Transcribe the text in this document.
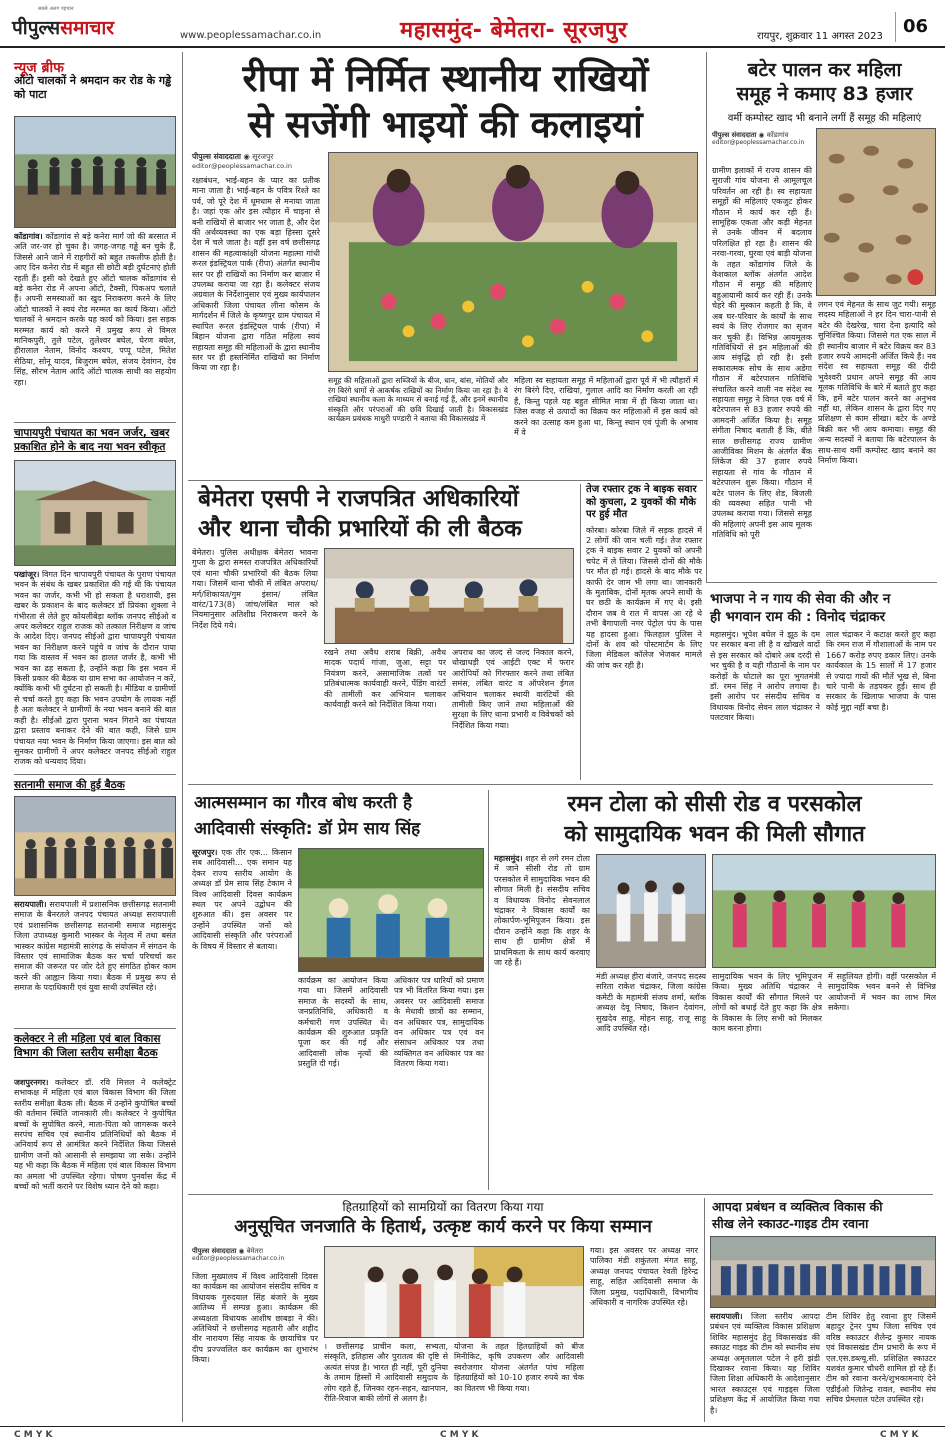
सबसे अलग पहचान
पीपुल्ससमाचार	www.peoplessamachar.co.in	महासमुंद- बेमेतरा- सूरजपुर	रायपुर, शुक्रवार 11 अगस्त 2023	06
न्यूज ब्रीफ
ऑटो चालकों ने श्रमदान कर रोड के गड्ढे को पाटा
कोंडागांव। कोंडागांव से बड़े कनेरा मार्ग जो की बरसात में अति जर-जर हो चुका है। जगह-जगह गड्ढे बन चुके हैं, जिससे आने जाने में राहगीरों को बहुत तकलीफ होती है। आए दिन कनेरा रोड में बहुत सी छोटी बड़ी दुर्घटनाएं होती रहती हैं। इसी को देखते हुए ऑटो चालक कोंडागांव से बड़े कनेरा रोड में अपना ऑटो, टैक्सी, पिकअप चलाते हैं। अपनी समस्याओं का खुद निराकरण करने के लिए ऑटो चालकों ने स्वयं रोड मरम्मत का कार्य किया। ऑटो चालकों ने श्रमदान करके यह कार्य को किया। इस सड़क मरम्मत कार्य को करने में प्रमुख रूप से विमल मानिकपुरी, तुले पटेल, तुलेश्वर बघेल, घेरण बघेल, हीरालाल नेताम, विनोद कश्यप, पप्पू पटेल, मितेश सेठिया, सोनू यादव, बिजुराम बघेल, संजय देवांगन, देव सिंह, सौरभ नेताम आदि ऑटो चालक साथी का सहयोग रहा।
चापायपुरी पंचायत का भवन जर्जर, खबर प्रकाशित होने के बाद नया भवन स्वीकृत
पखांजूर। विगत दिन चापायपुरी पंचायत के पुराण पंचायत भवन के संबंध के खबर प्रकाशित की गई थी कि पंचायत भवन का जर्जर, कभी भी हो सकता है धराशायी, इस खबर के प्रकाशन के बाद कलेक्टर डॉ प्रियंका शुक्ला ने गंभीरता से लेते हुए कोयलीबेड़ा ब्लॉक जनपद सीईओ व अपर कलेक्टर राहुल राजक को तत्काल निरीक्षण व जांच के आदेश दिए। जनपद सीईओ द्वारा चापायपुरी पंचायत भवन का निरीक्षण करने पहुंचे व जांच के दौरान पाया गया कि वास्तव में भवन का हालत जर्जर है, कभी भी भवन का ढह सकता है, उन्होंने कहा कि इस भवन में किसी प्रकार की बैठक या ग्राम सभा का आयोजन न करें, क्योंकि कभी भी दुर्घटना हो सकती है। मीडिया व ग्रामीणों से चर्चा करते हुए कहा कि भवन उपयोग के लायक नहीं है अतः कलेक्टर ने ग्रामीणों के नया भवन बनाने की बात कही है। सीईओ द्वारा पुराना भवन गिराने का पंचायत द्वारा प्रस्ताव बनाकर देने की बात कही, जिसे ग्राम पंचायत नया भवन के निर्माण किया जाएगा। इस बात को सुनकर ग्रामीणों ने अपर कलेक्टर जनपद सीईओ राहुल राजक को धन्यवाद दिया।
सतनामी समाज की हुई बैठक
सरायपाली। सरायपाली में प्रशासनिक छत्तीसगढ़ सतनामी समाज के बैनरतले जनपद पंचायत अध्यक्ष सरायपाली एवं प्रशासनिक छत्तीसगढ़ सतनामी समाज महासमुंद जिला उपाध्यक्ष कुमारी भास्कर के नेतृत्व में तथा बसंत भास्कर कांग्रेस महामंत्री सारंगढ़ के संयोजन में संगठन के विस्तार एवं सामाजिक बैठक कर चर्चा परिचर्चा कर समाज की जरूरत पर जोर देते हुए संगठित होकर काम करने की आह्वान किया गया। बैठक में प्रमुख रूप से समाज के पदाधिकारी एवं युवा साथी उपस्थित रहे।
कलेक्टर ने ली महिला एवं बाल विकास विभाग की जिला स्तरीय समीक्षा बैठक
जशपुरनगर। कलेक्टर डॉ. रवि मित्तल ने कलेक्ट्रेट सभाकक्ष में महिला एवं बाल विकास विभाग की जिला स्तरीय समीक्षा बैठक ली। बैठक में उन्होंने कुपोषित बच्चों की वर्तमान स्थिति जानकारी ली। कलेक्टर ने कुपोषित बच्चों के सुपोषित करने, माता-पिता को जागरूक करने सरपंच सचिव एवं स्थानीय प्रतिनिधियों को बैठक में अनिवार्य रूप से आमंत्रित करने निर्देशित किया जिससे ग्रामीण जनों को आसानी से समझाया जा सके। उन्होंने यह भी कहा कि बैठक में महिला एवं बाल विकास विभाग का अमला भी उपस्थित रहेगा। पोषण पुनर्वास केंद्र में बच्चों को भर्ती कराने पर विशेष ध्यान देने को कहा।
रीपा में निर्मित स्थानीय राखियों
से सजेंगी भाइयों की कलाइयां
पीपुल्स संवाददाता ◉ सूरजपुर
editor@peoplessamachar.co.in
रक्षाबंधन, भाई-बहन के प्यार का प्रतीक माना जाता है। भाई-बहन के पवित्र रिश्ते का पर्व, जो पूरे देश में धूमधाम से मनाया जाता है। जहां एक ओर इस त्यौहार में चाइना से बनी राखियों से बाजार भर जाता है, और देश की अर्थव्यवस्था का एक बड़ा हिस्सा दूसरे देश में चले जाता है। वहीं इस वर्ष छत्तीसगढ़ शासन की महत्वाकांक्षी योजना महात्मा गांधी रूरल इंडस्ट्रियल पार्क (रीपा) अंतर्गत स्थानीय स्तर पर ही राखियों का निर्माण कर बाजार में उपलब्ध कराया जा रहा है। कलेक्टर संजय अग्रवाल के निर्देशानुसार एवं मुख्य कार्यपालन अधिकारी जिला पंचायत लीना कोसम के मार्गदर्शन में जिले के कृष्णपुर ग्राम पंचायत में स्थापित रूरल इंडस्ट्रियल पार्क (रीपा) में बिहान योजना द्वारा गठित महिला स्वयं सहायता समूह की महिलाओं के द्वारा स्थानीय स्तर पर ही हस्तनिर्मित राखियों का निर्माण किया जा रहा है।
समूह की महिलाओं द्वारा सब्जियों के बीज, धान, बांस, मोतियों और रंग बिरंगे धागों से आकर्षक राखियों का निर्माण किया जा रहा है। ये राखियां स्थानीय कला के माध्यम से बनाई गई हैं, और इनमें स्थानीय संस्कृति और परंपराओं की छवि दिखाई जाती है। विकासखंड कार्यक्रम प्रबंधक माधुरी पण्डारी ने बताया की विकासखंड में
महिला स्व सहायता समूह में महिलाओं द्वारा पूर्व में भी त्यौहारों में रंग बिरंगे दिए, राखियां, गुलाल आदि का निर्माण करती आ रही हैं, किन्तु पहले यह बहुत सीमित मात्रा में ही किया जाता था। जिस वजह से उत्पादों का विक्रय कर महिलाओं में इस कार्य को करने का उत्साह कम हुआ था, किन्तु स्थान एवं पूंजी के अभाव में वे
बेमेतरा एसपी ने राजपत्रित अधिकारियों
और थाना चौकी प्रभारियों की ली बैठक
बेमेतरा। पुलिस अधीक्षक बेमेतरा भावना गुप्ता के द्वारा समस्त राजपत्रित अधिकारियों एवं थाना चौकी प्रभारियों की बैठक लिया गया। जिसमें थाना चौकी में लंबित अपराध/मर्ग/शिकायत/गुम इंसान/ लंबित वारंट/173(8) जांच/लंबित माल को नियमानुसार अतिशीघ्र निराकरण करने के निर्देश दिये गये।
रखने तथा अवैध शराब बिक्री, अवैध मादक पदार्थ गांजा, जुआ, सट्टा पर नियंत्रण करने, असामाजिक तत्वों पर प्रतिबंधात्मक कार्यवाही करने, पेंडिंग वारंटों की तामीली कर अभियान चलाकर कार्यवाही करने को निर्देशित किया गया।
अपराध का जल्द से जल्द निकाल करने, धोखाधड़ी एवं आईटी एक्ट में फरार आरोपियों को गिरफ्तार करने तथा लंबित समंस, लंबित वारंट व ऑपरेशन ईगल अभियान चलाकर स्थायी वारंटियों की तामीली किए जाने तथा महिलाओं की सुरक्षा के लिए थाना प्रभारी व विवेचकों को निर्देशित किया गया।
तेज रफ्तार ट्रक ने बाइक सवार को कुचला, 2 युवकों की मौके पर हुई मौत
कोरबा। कोरबा जिले में सड़क हादसे में 2 लोगों की जान चली गई। तेज रफ्तार ट्रक ने बाइक सवार 2 युवकों को अपनी चपेट में ले लिया। जिससे दोनों की मौके पर मौत हो गई। हादसे के बाद मौके पर काफी देर जाम भी लगा था। जानकारी के मुताबिक, दोनों मृतक अपने साथी के घर छठी के कार्यक्रम में गए थे। इसी दौरान जब वे रात में वापस आ रहे थे तभी बैगापाली नगर पेट्रोल पंप के पास यह हादसा हुआ। फिलहाल पुलिस ने दोनों के शव को पोस्टमार्टम के लिए जिला मेडिकल कॉलेज भेजकर मामले की जांच कर रही है।
बटेर पालन कर महिला
समूह ने कमाए 83 हजार
वर्मी कम्पोस्ट खाद भी बनाने लगीं हैं समूह की महिलाएं
पीपुल्स संवाददाता ◉ कोंडागांव
editor@peoplessamachar.co.in
ग्रामीण इलाकों में राज्य शासन की सुराजी गांव योजना से आमूलचूल परिवर्तन आ रही है। स्व सहायता समूहों की महिलाएं एकजुट होकर गौठान में कार्य कर रही हैं। सामूहिक एकता और कड़ी मेहनत से उनके जीवन में बदलाव परिलक्षित हो रहा है। शासन की नरवा-गरवा, घुरवा एवं बाड़ी योजना के तहत कोंडागांव जिले के केशकाल ब्लॉक अंतर्गत आदेश गौठान में समूह की महिलाएं बहुआयामी कार्य कर रही हैं। उनके चेहरे की मुस्कान कहती है कि, वे अब घर-परिवार के कार्यों के साथ स्वयं के लिए रोजगार का सृजन कर चुकी हैं। विभिन्न आयमूलक गतिविधियों से इन महिलाओं की आय संवृद्धि हो रही है। इसी सकारात्मक सोच के साथ अडेंगा गौठान में बटेरपालन गतिविधि संचालित करने वाली नव संदेश स्व सहायता समूह ने विगत एक वर्ष में बटेरपालन से 83 हजार रुपये की आमदनी अर्जित किया है। समूह संगीता निषाद बताती हैं कि, बीते साल छत्तीसगढ़ राज्य ग्रामीण आजीविका मिशन के अंतर्गत बैंक लिंकेज की 37 हजार रुपये सहायता से गांव के गौठान में बटेरपालन शुरू किया। गौठान में बटेर पालन के लिए शेड, बिजली की व्यवस्था सहित पानी भी उपलब्ध कराया गया। जिससे समूह की महिलाएं अपनी इस आय मूलक गतिविधि को पूरी
लगन एवं मेहनत के साथ जुट गयी। समूह सदस्य महिलाओं ने हर दिन चारा-पानी से बटेर की देखरेख, चारा देना इत्यादि को सुनिश्चित किया। जिससे गत एक साल में ही स्थानीय बाजार में बटेर विक्रय कर 83 हजार रुपये आमदनी अर्जित किये हैं। नव संदेश स्व सहायता समूह की दीदी भुवेश्वरी प्रधान अपने समूह की आय मूलक गतिविधि के बारे में बताते हुए कहा कि, हमें बटेर पालन करने का अनुभव नहीं था, लेकिन शासन के द्वारा दिए गए प्रशिक्षण से काम सीखा। बटेर के अण्डे बिक्री कर भी आय कमाया। समूह की अन्य सदस्यों ने बताया कि बटेरपालन के साथ-साथ वर्मी कम्पोस्ट खाद बनाने का निर्माण किया।
भाजपा ने न गाय की सेवा की और न
ही भगवान राम की : विनोद चंद्राकर
महासमुंद। भूपेश बघेल ने झूठ के दम पर सरकार बना ली है व खोखले वादों से इस सरकार को दोबारे अब दरदी से भर चुकी है व यही गौठानों के नाम पर करोड़ों के घोटाले का पूरा भुगतमंत्री डॉ. रमन सिंह ने आरोप लगाया है। इसी आरोप पर संसदीय सचिव व विधायक विनोद सेवन लाल चंद्राकर ने पलटवार किया।
लाल चंद्राकर ने कटाक्ष करते हुए कहा कि रमन राज में गौशालाओं के नाम पर 1667 करोड़ रुपए डकार लिए। उनके कार्यकाल के 15 सालों में 17 हजार से ज्यादा गायों की मौतें भूख से, बिना चारे पानी के तड़पकर हुईं। साथ ही सरकार के खिलाफ भाजपा के पास कोई मुद्दा नहीं बचा है।
आत्मसम्मान का गौरव बोध करती है
आदिवासी संस्कृति: डॉ प्रेम साय सिंह
सूरजपुर। एक तीर एक... किसान सब आदिवासी... एक समान यह देकर राज्य स्तरीय आयोग के अध्यक्ष डॉ प्रेम साय सिंह टेकाम ने विश्व आदिवासी दिवस कार्यक्रम स्थल पर अपने उद्बोधन की शुरुआत की। इस अवसर पर उन्होंने उपस्थित जनों को आदिवासी संस्कृति और परंपराओं के विषय में विस्तार से बताया।
कार्यक्रम का आयोजन किया गया था। जिसमें आदिवासी समाज के सदस्यों के साथ, जनप्रतिनिधि, अधिकारी व कर्मचारी गण उपस्थित थे। कार्यक्रम की शुरुआत प्रकृति पूजा कर की गई और आदिवासी लोक नृत्यों की प्रस्तुति दी गई।
अधिकार पत्र धारियों को प्रमाण पत्र भी वितरित किया गया। इस अवसर पर आदिवासी समाज के मेधावी छात्रों का सम्मान, वन अधिकार पत्र, सामुदायिक वन अधिकार पत्र एवं वन संसाधन अधिकार पत्र तथा व्यक्तिगत वन अधिकार पत्र का वितरण किया गया।
रमन टोला को सीसी रोड व परसकोल
को सामुदायिक भवन की मिली सौगात
महासमुंद। शहर से लगे रमन टोला में जाने सीसी रोड तो ग्राम परसकोल में सामुदायिक भवन की सौगात मिली है। संसदीय सचिव व विधायक विनोद सेवनलाल चंद्राकर ने विकास कार्यों का लोकार्पण-भूमिपूजन किया। इस दौरान उन्होंने कहा कि शहर के साथ ही ग्रामीण क्षेत्रों में प्राथमिकता के साथ कार्य करवाए जा रहे हैं।
मंडी अध्यक्ष हीरा बंजारे, जनपद सदस्य सरिता राकेश चंद्राकर, जिला कांग्रेस कमेटी के महामंत्री संजय शर्मा, ब्लॉक अध्यक्ष देवू निषाद, किशन देवांगन, सुखदेव साहू, मोहन साहू, राजू साहू आदि उपस्थित रहे।
सामुदायिक भवन के लिए भूमिपूजन किया। मुख्य अतिथि चंद्राकर ने विकास कार्यों की सौगात मिलने पर लोगों को बधाई देते हुए कहा कि क्षेत्र के विकास के लिए सभी को मिलकर काम करना होगा।
में सहूलियत होगी। वहीं परसकोल में सामुदायिक भवन बनने से विभिन्न आयोजनों में भवन का लाभ मिल सकेगा।
हितग्राहियों को सामग्रियों का वितरण किया गया
अनुसूचित जनजाति के हितार्थ, उत्कृष्ट कार्य करने पर किया सम्मान
पीपुल्स संवाददाता ◉ बेमेतरा
editor@peoplessamachar.co.in
जिला मुख्यालय में विश्व आदिवासी दिवस का कार्यक्रम का आयोजन संसदीय सचिव व विधायक गुरुदयाल सिंह बंजारे के मुख्य आतिथ्य में सम्पन्न हुआ। कार्यक्रम की अध्यक्षता विधायक आशीष छाबड़ा ने की। अतिथियों ने छत्तीसगढ़ महतारी और शहीद वीर नारायण सिंह नायक के छायाचित्र पर दीप प्रज्ज्वलित कर कार्यक्रम का शुभारंभ किया।
। छत्तीसगढ़ प्राचीन कला, सभ्यता, संस्कृति, इतिहास और पुरातत्व की दृष्टि से अत्यंत संपन्न है। भारत ही नहीं, पूरी दुनिया के तमाम हिस्सों में आदिवासी समुदाय के लोग रहते हैं, जिनका रहन-सहन, खानपान, रीति-रिवाज बाकी लोगों से अलग है।
योजना के तहत हितग्राहियों को बीज मिनीकिट, कृषि उपकरण और आदिवासी स्वरोजगार योजना अंतर्गत पांच महिला हितग्राहियों को 10-10 हजार रुपये का चेक का वितरण भी किया गया।
गया। इस अवसर पर अध्यक्ष नगर पालिका मंडी शकुंतला मंगत साहू, अध्यक्ष जनपद पंचायत रेवती हिरेन्द्र साहू, सहित आदिवासी समाज के जिला प्रमुख, पदाधिकारी, विभागीय अधिकारी व नागरिक उपस्थित रहे।
आपदा प्रबंधन व व्यक्तित्व विकास की
सीख लेने स्काउट-गाइड टीम रवाना
सरायपाली। जिला स्तरीय आपदा प्रबंधन एवं व्यक्तित्व विकास प्रशिक्षण शिविर महासमुंद हेतु विकासखंड की स्काउट गाइड की टीम को स्थानीय संघ अध्यक्ष अमृतलाल पटेल ने हरी झंडी दिखाकर रवाना किया। यह शिविर जिला शिक्षा अधिकारी के आदेशानुसार भारत स्काउट्स एवं गाइड्स जिला प्रशिक्षण केंद्र में आयोजित किया गया है।
टीम शिविर हेतु रवाना हुए जिसमें बहादुर ट्रेनर पुष्प जिला सचिव एवं वरिष्ठ स्काउटर शैलेन्द्र कुमार नायक एवं विकासखंड टीम प्रभारी के रूप में एल.एस.डब्ल्यू.सी. प्रशिक्षित स्काउटर यशवंत कुमार चौधरी शामिल हो रहे हैं। टीम को रवाना करने/शुभकामनाएं देने एडीईओ जितेन्द्र रावल, स्थानीय संघ सचिव प्रेमलाल पटेल उपस्थित रहे।
C M Y K	C M Y K	C M Y K
